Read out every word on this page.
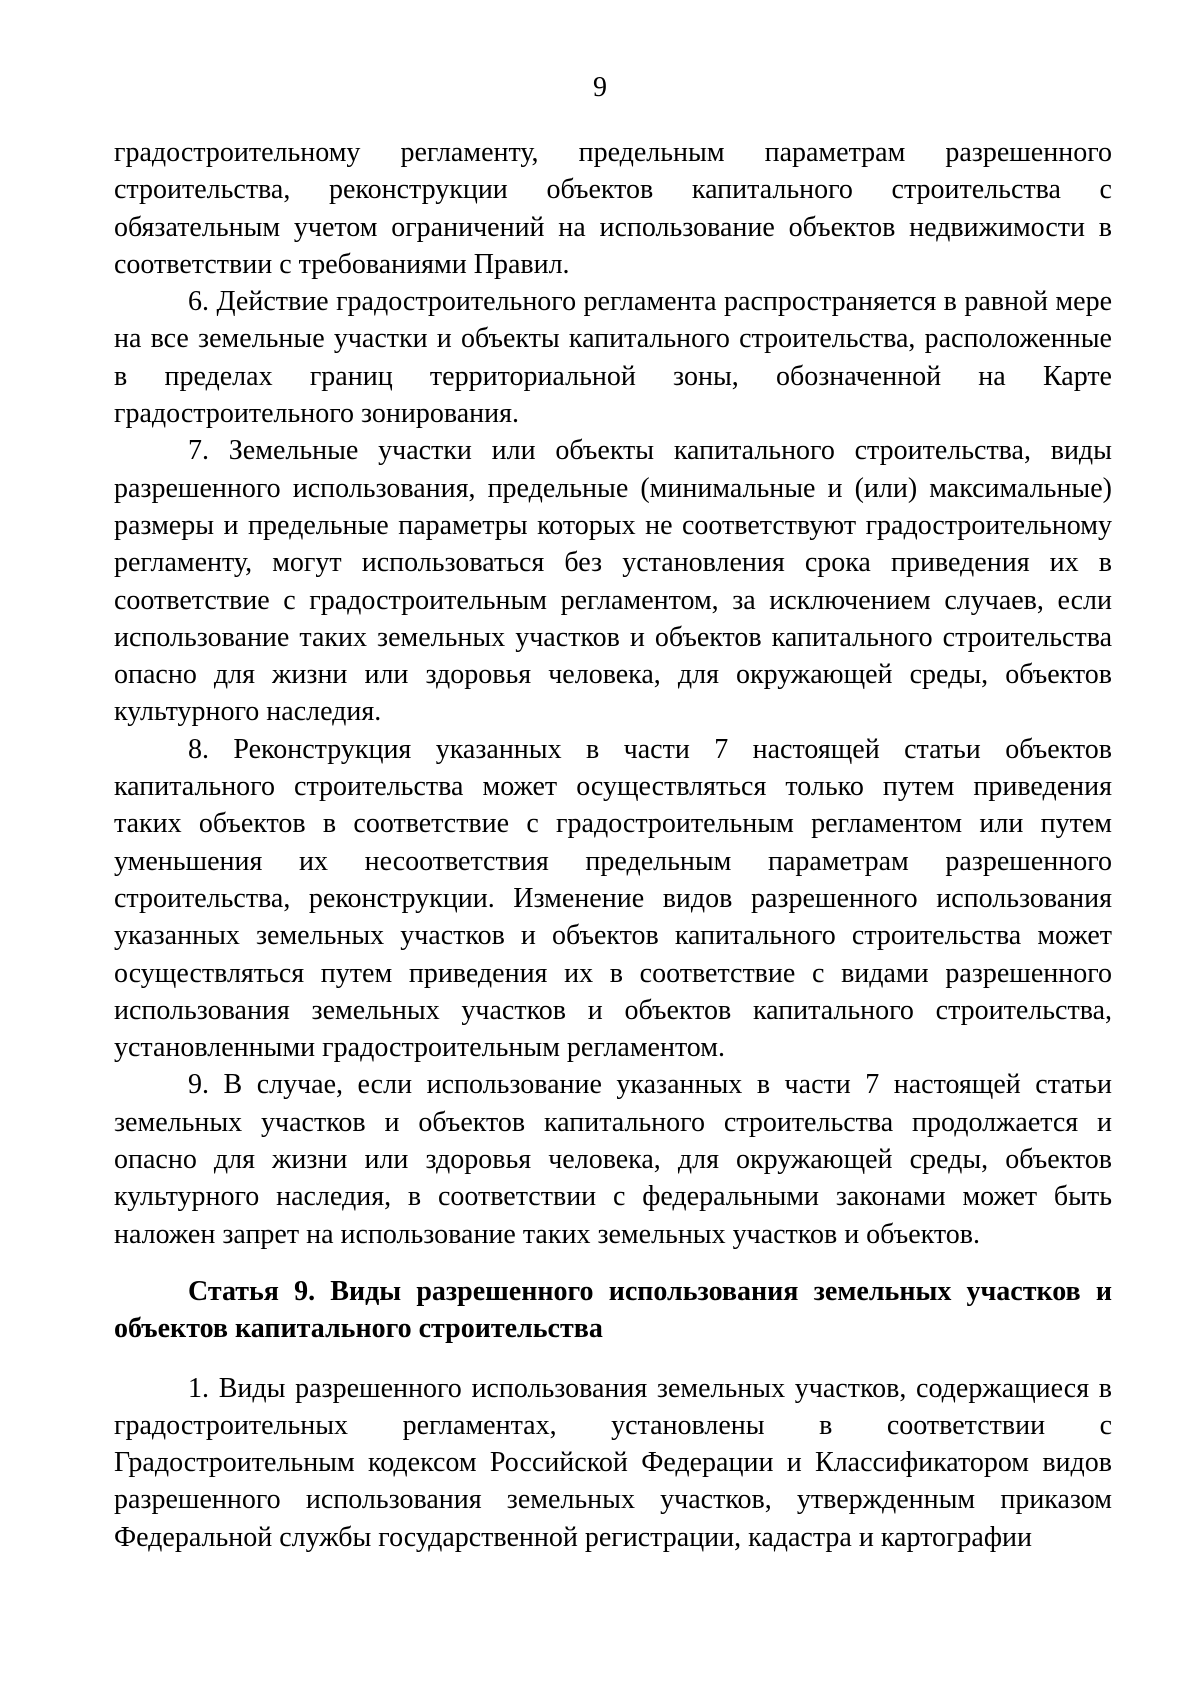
9

градостроительному регламенту, предельным параметрам разрешенного строительства, реконструкции объектов капитального строительства с обязательным учетом ограничений на использование объектов недвижимости в соответствии с требованиями Правил.

6. Действие градостроительного регламента распространяется в равной мере на все земельные участки и объекты капитального строительства, расположенные в пределах границ территориальной зоны, обозначенной на Карте градостроительного зонирования.

7. Земельные участки или объекты капитального строительства, виды разрешенного использования, предельные (минимальные и (или) максимальные) размеры и предельные параметры которых не соответствуют градостроительному регламенту, могут использоваться без установления срока приведения их в соответствие с градостроительным регламентом, за исключением случаев, если использование таких земельных участков и объектов капитального строительства опасно для жизни или здоровья человека, для окружающей среды, объектов культурного наследия.

8. Реконструкция указанных в части 7 настоящей статьи объектов капитального строительства может осуществляться только путем приведения таких объектов в соответствие с градостроительным регламентом или путем уменьшения их несоответствия предельным параметрам разрешенного строительства, реконструкции. Изменение видов разрешенного использования указанных земельных участков и объектов капитального строительства может осуществляться путем приведения их в соответствие с видами разрешенного использования земельных участков и объектов капитального строительства, установленными градостроительным регламентом.

9. В случае, если использование указанных в части 7 настоящей статьи земельных участков и объектов капитального строительства продолжается и опасно для жизни или здоровья человека, для окружающей среды, объектов культурного наследия, в соответствии с федеральными законами может быть наложен запрет на использование таких земельных участков и объектов.

Статья 9. Виды разрешенного использования земельных участков и объектов капитального строительства

1. Виды разрешенного использования земельных участков, содержащиеся в градостроительных регламентах, установлены в соответствии с Градостроительным кодексом Российской Федерации и Классификатором видов разрешенного использования земельных участков, утвержденным приказом Федеральной службы государственной регистрации, кадастра и картографии
